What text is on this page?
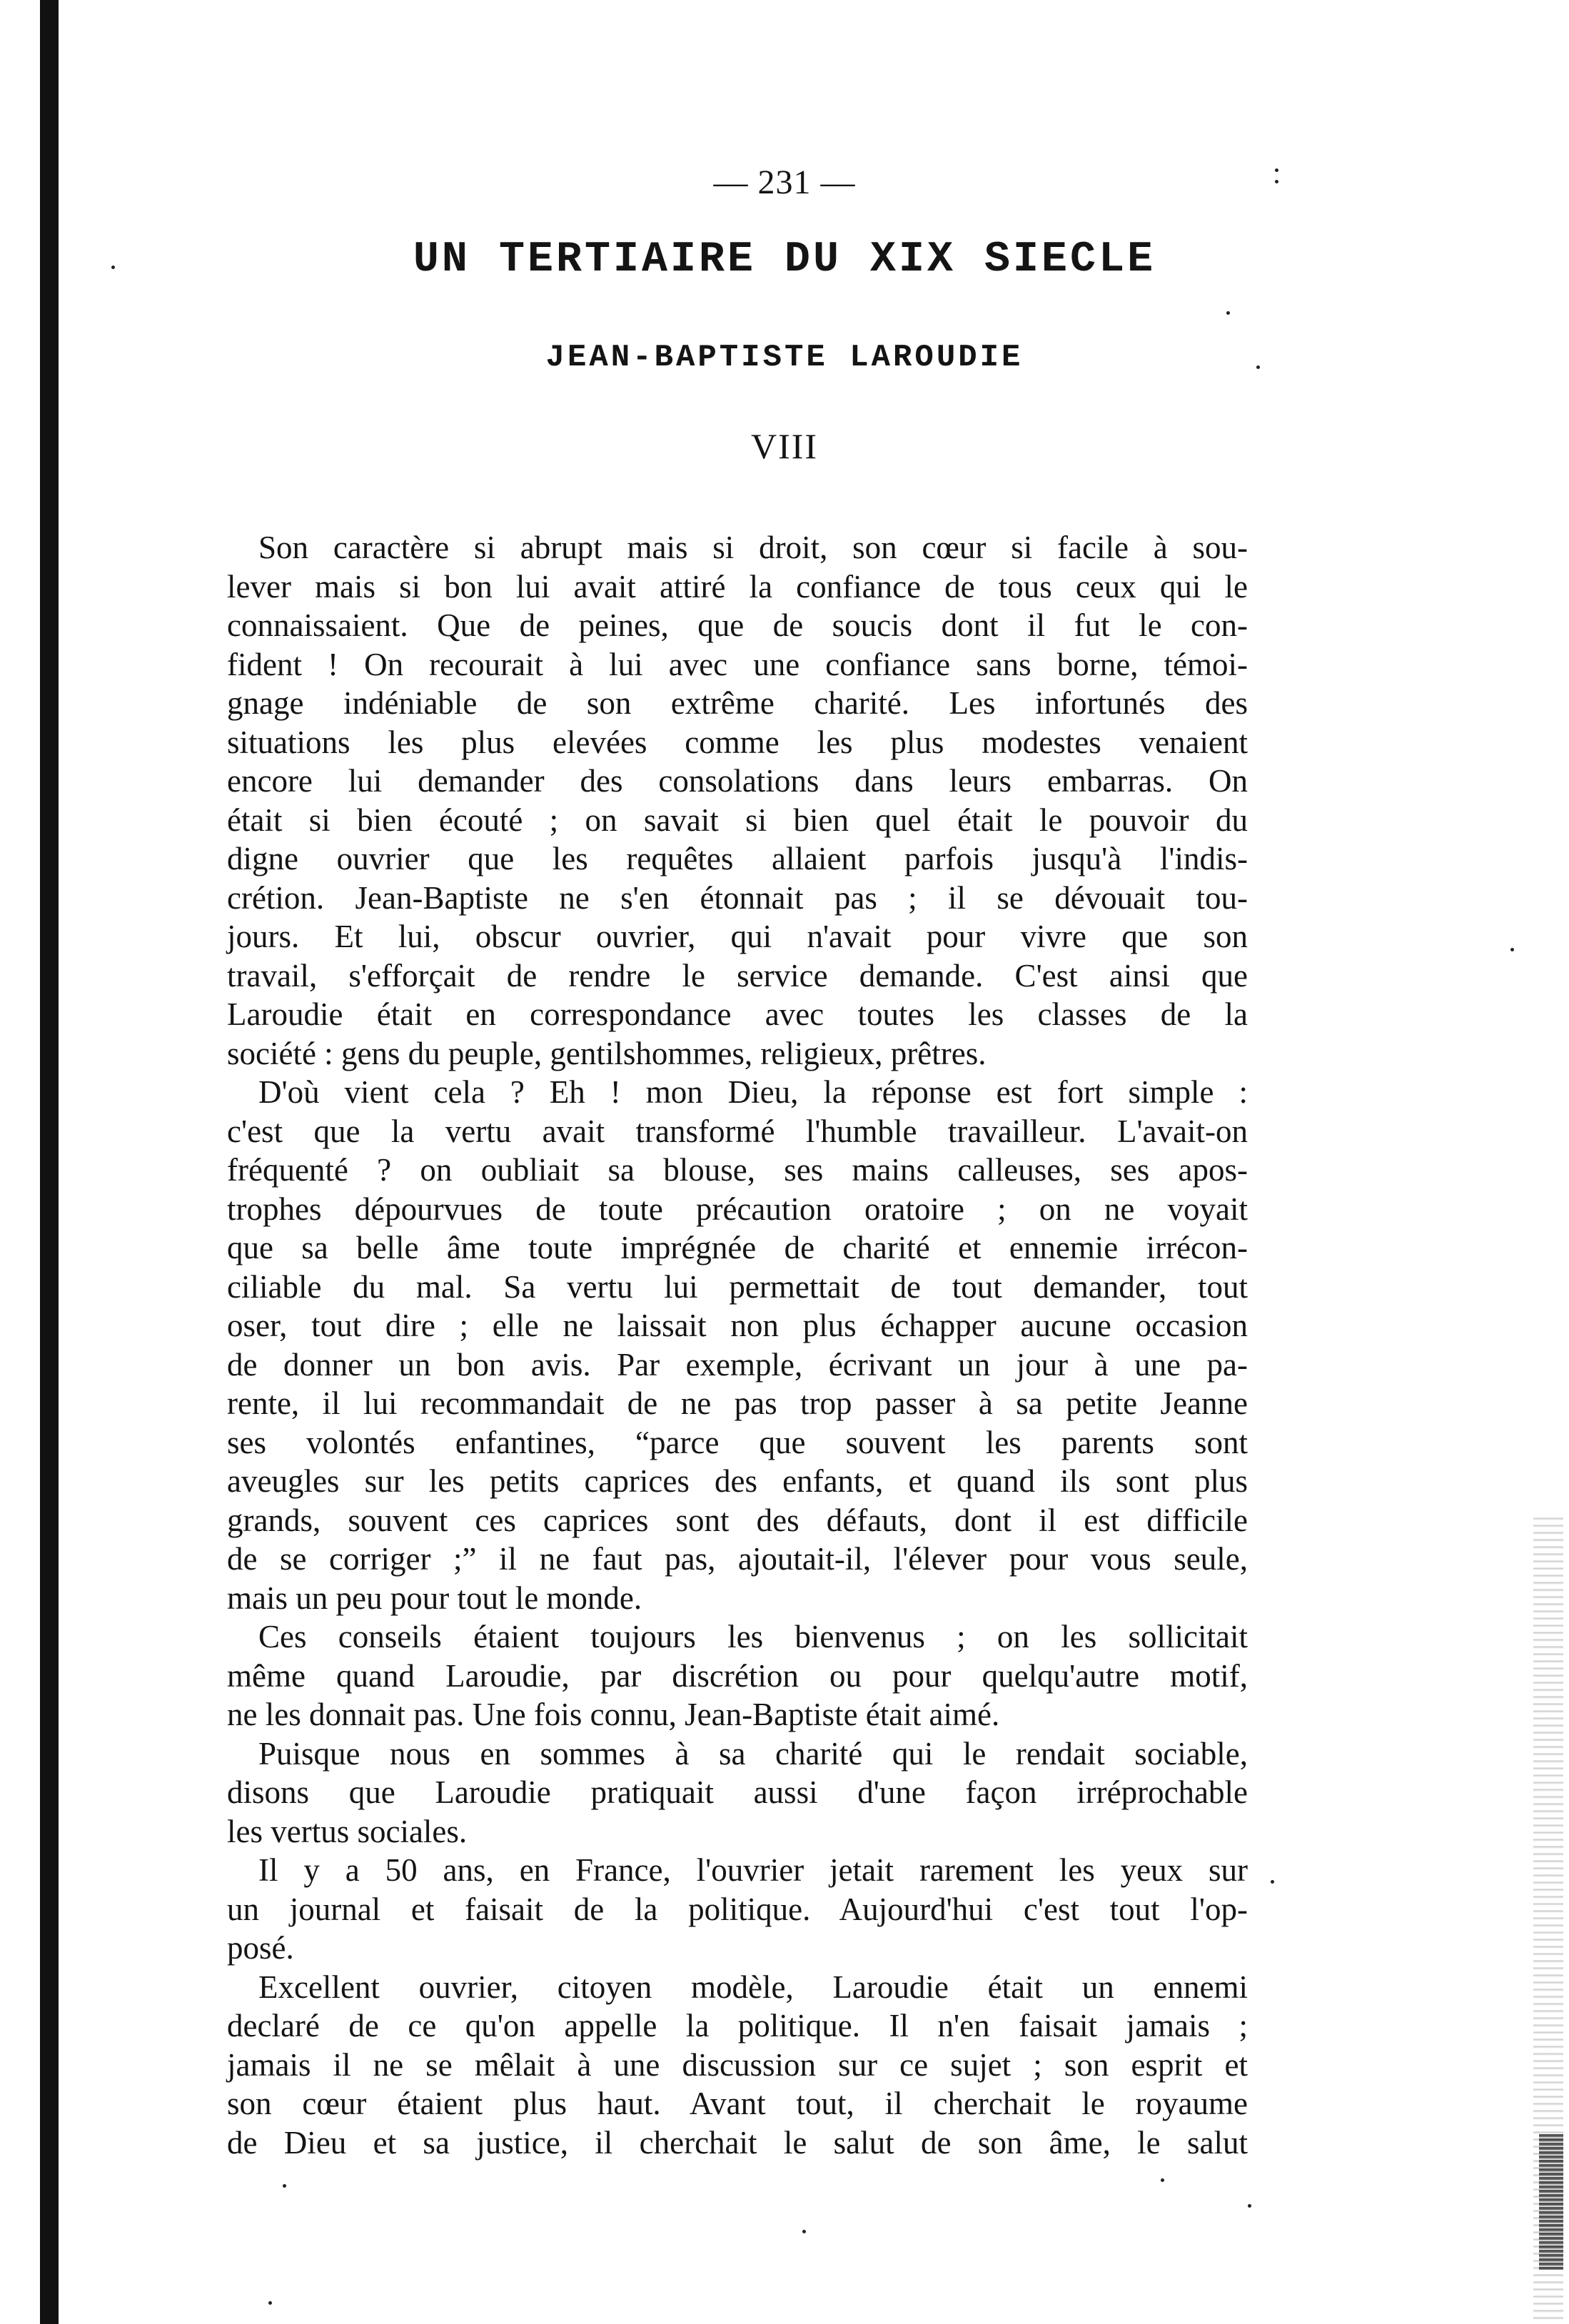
— 231 —
UN TERTIAIRE DU XIX SIECLE
JEAN-BAPTISTE LAROUDIE
VIII
Son caractère si abrupt mais si droit, son cœur si facile à sou-
lever mais si bon lui avait attiré la confiance de tous ceux qui le
connaissaient. Que de peines, que de soucis dont il fut le con-
fident ! On recourait à lui avec une confiance sans borne, témoi-
gnage indéniable de son extrême charité. Les infortunés des
situations les plus elevées comme les plus modestes venaient
encore lui demander des consolations dans leurs embarras. On
était si bien écouté ; on savait si bien quel était le pouvoir du
digne ouvrier que les requêtes allaient parfois jusqu'à l'indis-
crétion. Jean-Baptiste ne s'en étonnait pas ; il se dévouait tou-
jours. Et lui, obscur ouvrier, qui n'avait pour vivre que son
travail, s'efforçait de rendre le service demande. C'est ainsi que
Laroudie était en correspondance avec toutes les classes de la
société : gens du peuple, gentilshommes, religieux, prêtres.
D'où vient cela ? Eh ! mon Dieu, la réponse est fort simple :
c'est que la vertu avait transformé l'humble travailleur. L'avait-on
fréquenté ? on oubliait sa blouse, ses mains calleuses, ses apos-
trophes dépourvues de toute précaution oratoire ; on ne voyait
que sa belle âme toute imprégnée de charité et ennemie irrécon-
ciliable du mal. Sa vertu lui permettait de tout demander, tout
oser, tout dire ; elle ne laissait non plus échapper aucune occasion
de donner un bon avis. Par exemple, écrivant un jour à une pa-
rente, il lui recommandait de ne pas trop passer à sa petite Jeanne
ses volontés enfantines, “parce que souvent les parents sont
aveugles sur les petits caprices des enfants, et quand ils sont plus
grands, souvent ces caprices sont des défauts, dont il est difficile
de se corriger ;” il ne faut pas, ajoutait-il, l'élever pour vous seule,
mais un peu pour tout le monde.
Ces conseils étaient toujours les bienvenus ; on les sollicitait
même quand Laroudie, par discrétion ou pour quelqu'autre motif,
ne les donnait pas. Une fois connu, Jean-Baptiste était aimé.
Puisque nous en sommes à sa charité qui le rendait sociable,
disons que Laroudie pratiquait aussi d'une façon irréprochable
les vertus sociales.
Il y a 50 ans, en France, l'ouvrier jetait rarement les yeux sur
un journal et faisait de la politique. Aujourd'hui c'est tout l'op-
posé.
Excellent ouvrier, citoyen modèle, Laroudie était un ennemi
declaré de ce qu'on appelle la politique. Il n'en faisait jamais ;
jamais il ne se mêlait à une discussion sur ce sujet ; son esprit et
son cœur étaient plus haut. Avant tout, il cherchait le royaume
de Dieu et sa justice, il cherchait le salut de son âme, le salut
